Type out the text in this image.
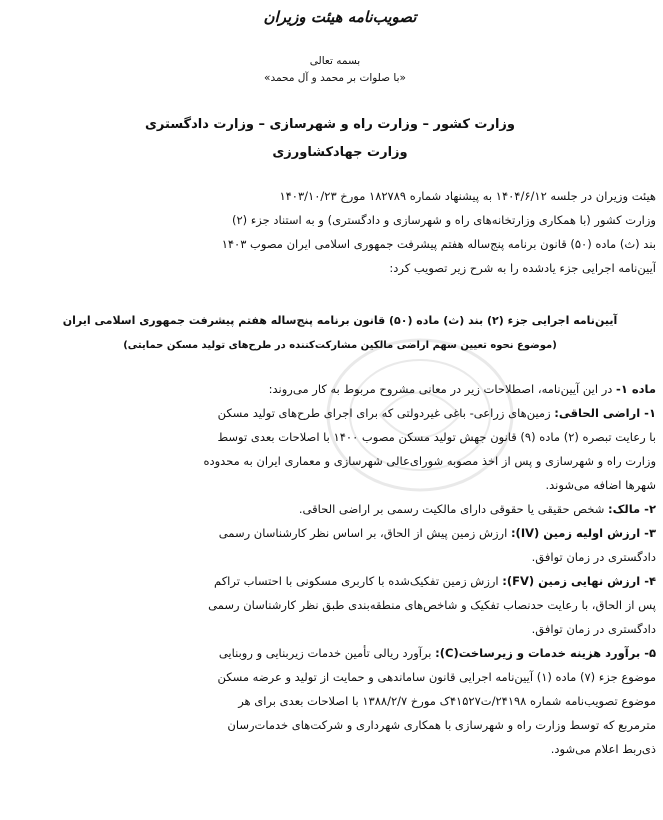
تصویب‌نامه هیئت وزیران
بسمه تعالی
«با صلوات بر محمد و آل محمد»
وزارت کشور – وزارت راه و شهرسازی – وزارت دادگستری
وزارت جهادکشاورزی
هیئت وزیران در جلسه ۱۴۰۴/۶/۱۲ به پیشنهاد شماره ۱۸۲۷۸۹ مورخ ۱۴۰۳/۱۰/۲۳
وزارت کشور (با همکاری وزارتخانه‌های راه و شهرسازی و دادگستری) و به استناد جزء (۲)
بند (ث) ماده (۵۰) قانون برنامه پنج‌ساله هفتم پیشرفت جمهوری اسلامی ایران مصوب ۱۴۰۳
آیین‌نامه اجرایی جزء یادشده را به شرح زیر تصویب کرد:
آیین‌نامه اجرایی جزء (۲) بند (ث) ماده (۵۰) قانون برنامه پنج‌ساله هفتم پیشرفت جمهوری اسلامی ایران
(موضوع نحوه تعیین سهم اراضی مالکین مشارکت‌کننده در طرح‌های تولید مسکن حمایتی)
ماده ۱- در این آیین‌نامه، اصطلاحات زیر در معانی مشروح مربوط به کار می‌روند:
۱- اراضی الحاقی: زمین‌های زراعی- باغی غیردولتی که برای اجرای طرح‌های تولید مسکن
با رعایت تبصره (۲) ماده (۹) قانون جهش تولید مسکن مصوب ۱۴۰۰ با اصلاحات بعدی توسط
وزارت راه و شهرسازی و پس از اخذ مصوبه شورای‌عالی شهرسازی و معماری ایران به محدوده
شهرها اضافه می‌شوند.
۲- مالک: شخص حقیقی یا حقوقی دارای مالکیت رسمی بر اراضی الحاقی.
۳- ارزش اولیه زمین (IV): ارزش زمین پیش از الحاق، بر اساس نظر کارشناسان رسمی
دادگستری در زمان توافق.
۴- ارزش نهایی زمین (FV): ارزش زمین تفکیک‌شده با کاربری مسکونی با احتساب تراکم
پس از الحاق، با رعایت حدنصاب تفکیک و شاخص‌های منطقه‌بندی طبق نظر کارشناسان رسمی
دادگستری در زمان توافق.
۵- برآورد هزینه خدمات و زیرساخت(C): برآورد ریالی تأمین خدمات زیربنایی و روبنایی
موضوع جزء (۷) ماده (۱) آیین‌نامه اجرایی قانون ساماندهی و حمایت از تولید و عرضه مسکن
موضوع تصویب‌نامه شماره ۲۴۱۹۸/ت۴۱۵۲۷ک مورخ ۱۳۸۸/۲/۷ با اصلاحات بعدی برای هر
مترمربع که توسط وزارت راه و شهرسازی با همکاری شهرداری و شرکت‌های خدمات‌رسان
ذی‌ربط اعلام می‌شود.
